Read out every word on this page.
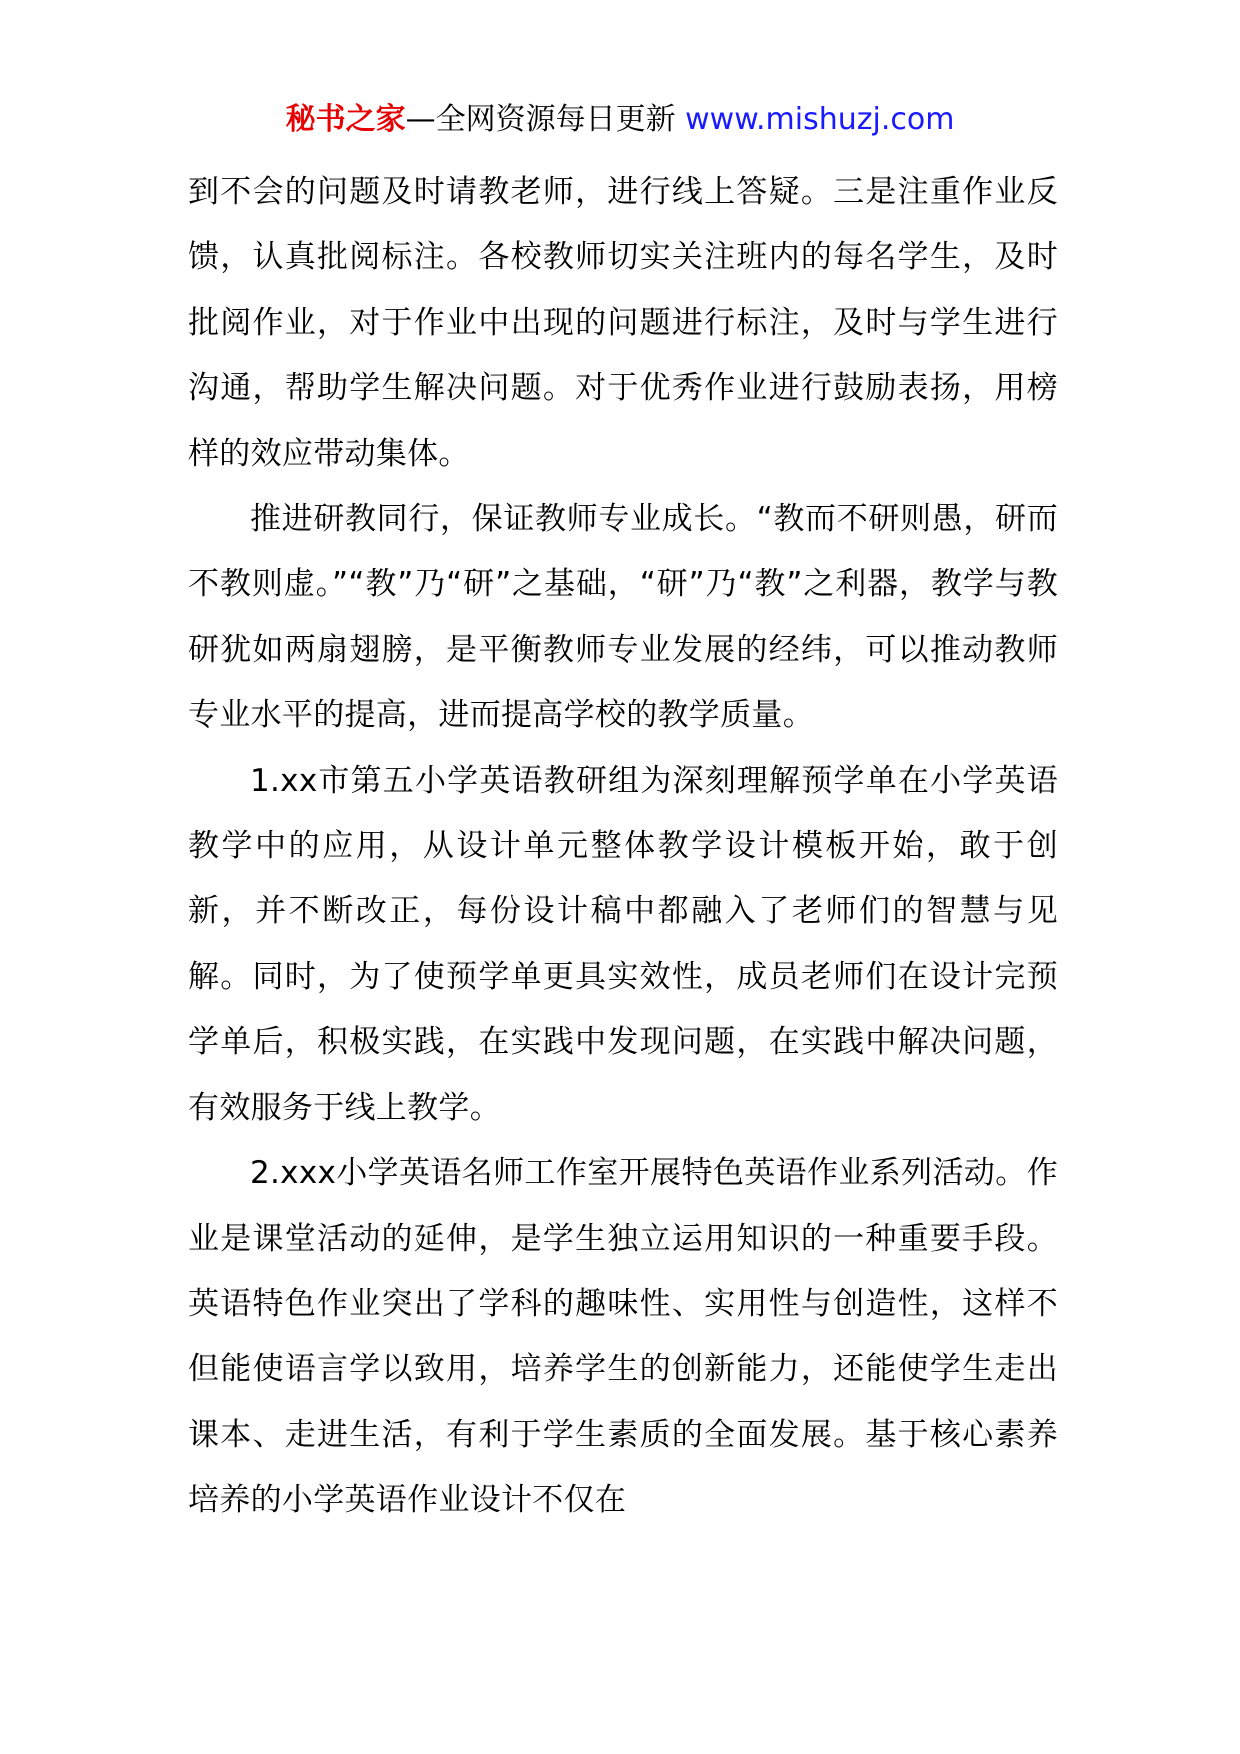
秘书之家—全网资源每日更新 www.mishuzj.com

到不会的问题及时请教老师，进行线上答疑。三是注重作业反馈，认真批阅标注。各校教师切实关注班内的每名学生，及时批阅作业，对于作业中出现的问题进行标注，及时与学生进行沟通，帮助学生解决问题。对于优秀作业进行鼓励表扬，用榜样的效应带动集体。

推进研教同行，保证教师专业成长。“教而不研则愚，研而不教则虚。”“教”乃“研”之基础，“研”乃“教”之利器，教学与教研犹如两扇翅膀，是平衡教师专业发展的经纬，可以推动教师专业水平的提高，进而提高学校的教学质量。

1.xx市第五小学英语教研组为深刻理解预学单在小学英语教学中的应用，从设计单元整体教学设计模板开始，敢于创新，并不断改正，每份设计稿中都融入了老师们的智慧与见解。同时，为了使预学单更具实效性，成员老师们在设计完预学单后，积极实践，在实践中发现问题，在实践中解决问题，有效服务于线上教学。

2.xxx小学英语名师工作室开展特色英语作业系列活动。作业是课堂活动的延伸，是学生独立运用知识的一种重要手段。英语特色作业突出了学科的趣味性、实用性与创造性，这样不但能使语言学以致用，培养学生的创新能力，还能使学生走出课本、走进生活，有利于学生素质的全面发展。基于核心素养培养的小学英语作业设计不仅在
